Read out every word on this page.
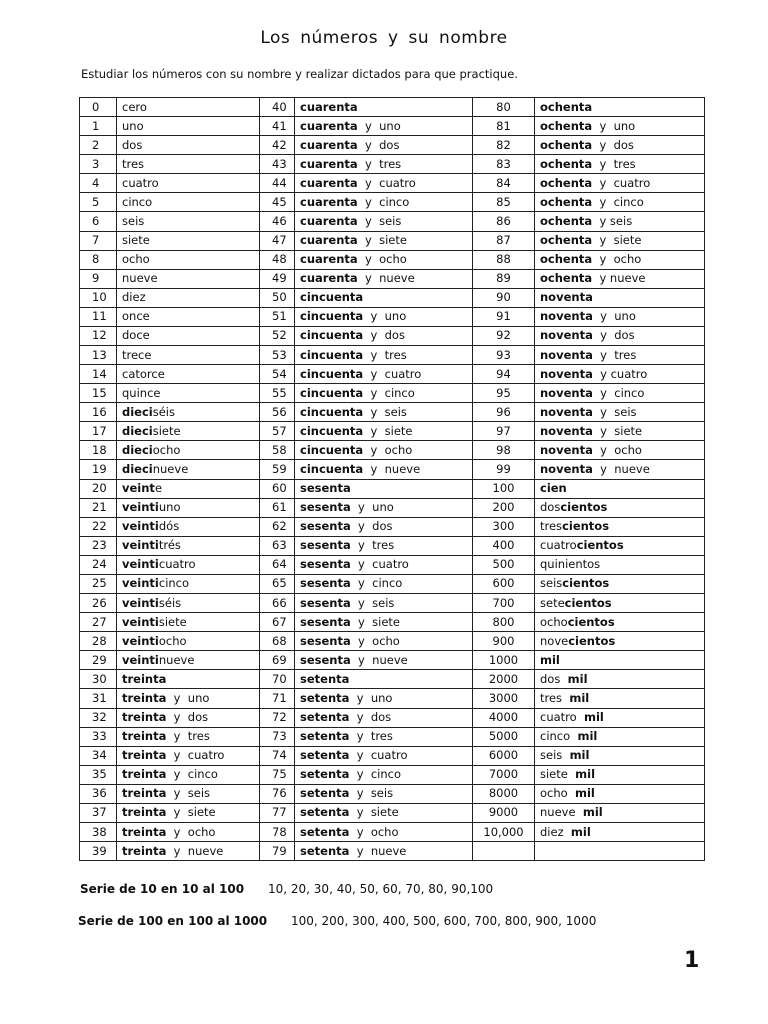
Los números y su nombre
Estudiar los números con su nombre y realizar dictados para que practique.
0	cero	40	cuarenta	80	ochenta
1	uno	41	cuarenta  y  uno	81	ochenta  y  uno
2	dos	42	cuarenta  y  dos	82	ochenta  y  dos
3	tres	43	cuarenta  y  tres	83	ochenta  y  tres
4	cuatro	44	cuarenta  y  cuatro	84	ochenta  y  cuatro
5	cinco	45	cuarenta  y  cinco	85	ochenta  y  cinco
6	seis	46	cuarenta  y  seis	86	ochenta  y seis
7	siete	47	cuarenta  y  siete	87	ochenta  y  siete
8	ocho	48	cuarenta  y  ocho	88	ochenta  y  ocho
9	nueve	49	cuarenta  y  nueve	89	ochenta  y nueve
10	diez	50	cincuenta	90	noventa
11	once	51	cincuenta  y  uno	91	noventa  y  uno
12	doce	52	cincuenta  y  dos	92	noventa  y  dos
13	trece	53	cincuenta  y  tres	93	noventa  y  tres
14	catorce	54	cincuenta  y  cuatro	94	noventa  y cuatro
15	quince	55	cincuenta  y  cinco	95	noventa  y  cinco
16	dieciséis	56	cincuenta  y  seis	96	noventa  y  seis
17	diecisiete	57	cincuenta  y  siete	97	noventa  y  siete
18	dieciocho	58	cincuenta  y  ocho	98	noventa  y  ocho
19	diecinueve	59	cincuenta  y  nueve	99	noventa  y  nueve
20	veinte	60	sesenta	100	cien
21	veintiuno	61	sesenta  y  uno	200	doscientos
22	veintidós	62	sesenta  y  dos	300	trescientos
23	veintitrés	63	sesenta  y  tres	400	cuatrocientos
24	veinticuatro	64	sesenta  y  cuatro	500	quinientos
25	veinticinco	65	sesenta  y  cinco	600	seiscientos
26	veintiséis	66	sesenta  y  seis	700	setecientos
27	veintisiete	67	sesenta  y  siete	800	ochocientos
28	veintiocho	68	sesenta  y  ocho	900	novecientos
29	veintinueve	69	sesenta  y  nueve	1000	mil
30	treinta	70	setenta	2000	dos  mil
31	treinta  y  uno	71	setenta  y  uno	3000	tres  mil
32	treinta  y  dos	72	setenta  y  dos	4000	cuatro  mil
33	treinta  y  tres	73	setenta  y  tres	5000	cinco  mil
34	treinta  y  cuatro	74	setenta  y  cuatro	6000	seis  mil
35	treinta  y  cinco	75	setenta  y  cinco	7000	siete  mil
36	treinta  y  seis	76	setenta  y  seis	8000	ocho  mil
37	treinta  y  siete	77	setenta  y  siete	9000	nueve  mil
38	treinta  y  ocho	78	setenta  y  ocho	10,000	diez  mil
39	treinta  y  nueve	79	setenta  y  nueve		
Serie de 10 en 10 al 100 10, 20, 30, 40, 50, 60, 70, 80, 90,100
Serie de 100 en 100 al 1000 100, 200, 300, 400, 500, 600, 700, 800, 900, 1000
1
